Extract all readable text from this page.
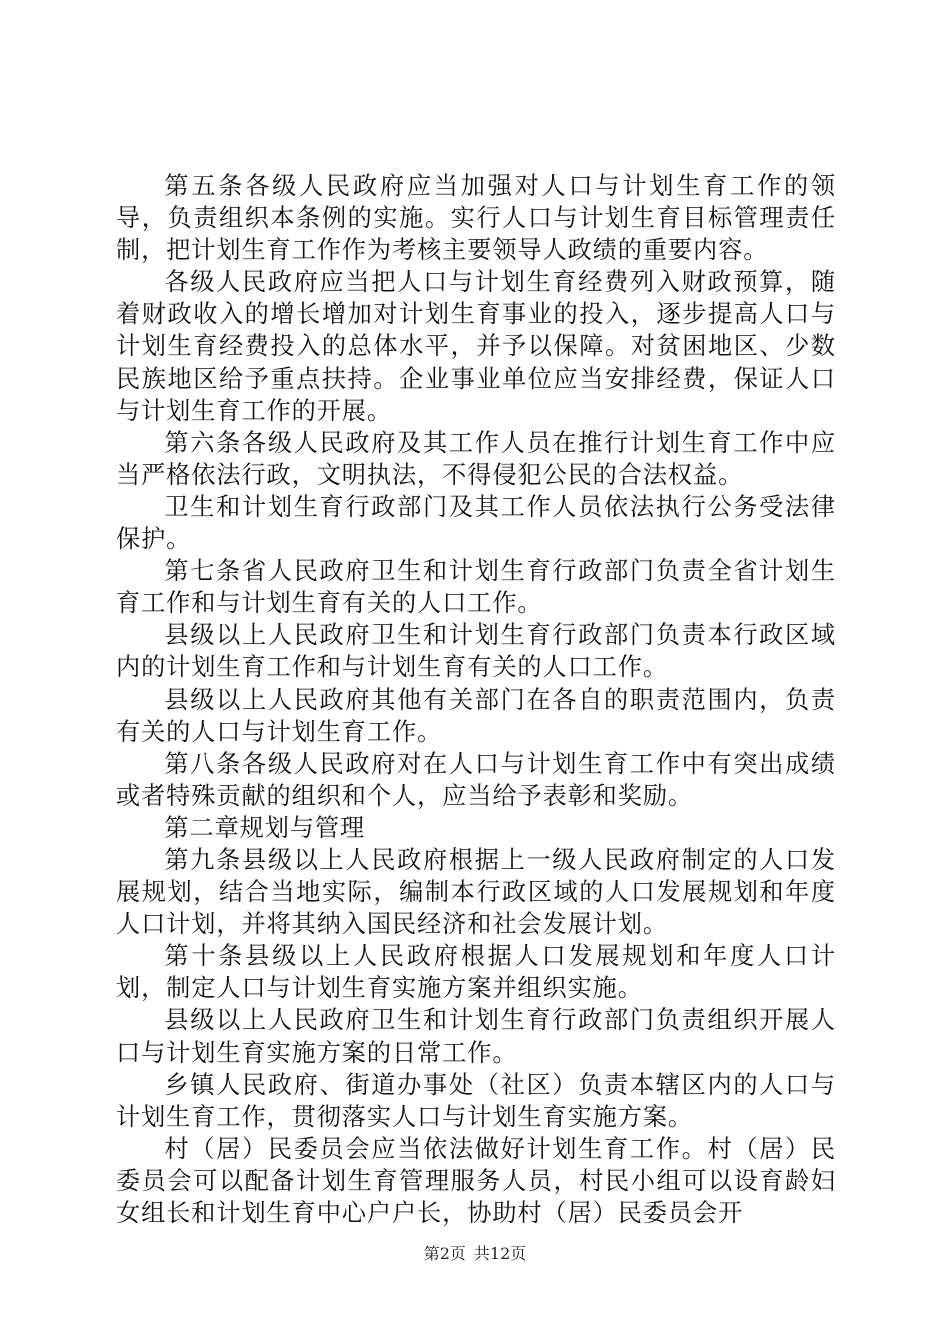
第五条各级人民政府应当加强对人口与计划生育工作的领导，负责组织本条例的实施。实行人口与计划生育目标管理责任制，把计划生育工作作为考核主要领导人政绩的重要内容。

各级人民政府应当把人口与计划生育经费列入财政预算，随着财政收入的增长增加对计划生育事业的投入，逐步提高人口与计划生育经费投入的总体水平，并予以保障。对贫困地区、少数民族地区给予重点扶持。企业事业单位应当安排经费，保证人口与计划生育工作的开展。

第六条各级人民政府及其工作人员在推行计划生育工作中应当严格依法行政，文明执法，不得侵犯公民的合法权益。

卫生和计划生育行政部门及其工作人员依法执行公务受法律保护。

第七条省人民政府卫生和计划生育行政部门负责全省计划生育工作和与计划生育有关的人口工作。

县级以上人民政府卫生和计划生育行政部门负责本行政区域内的计划生育工作和与计划生育有关的人口工作。

县级以上人民政府其他有关部门在各自的职责范围内，负责有关的人口与计划生育工作。

第八条各级人民政府对在人口与计划生育工作中有突出成绩或者特殊贡献的组织和个人，应当给予表彰和奖励。

第二章规划与管理

第九条县级以上人民政府根据上一级人民政府制定的人口发展规划，结合当地实际，编制本行政区域的人口发展规划和年度人口计划，并将其纳入国民经济和社会发展计划。

第十条县级以上人民政府根据人口发展规划和年度人口计划，制定人口与计划生育实施方案并组织实施。

县级以上人民政府卫生和计划生育行政部门负责组织开展人口与计划生育实施方案的日常工作。

乡镇人民政府、街道办事处（社区）负责本辖区内的人口与计划生育工作，贯彻落实人口与计划生育实施方案。

村（居）民委员会应当依法做好计划生育工作。村（居）民委员会可以配备计划生育管理服务人员，村民小组可以设育龄妇女组长和计划生育中心户户长，协助村（居）民委员会开

第2页 共12页
